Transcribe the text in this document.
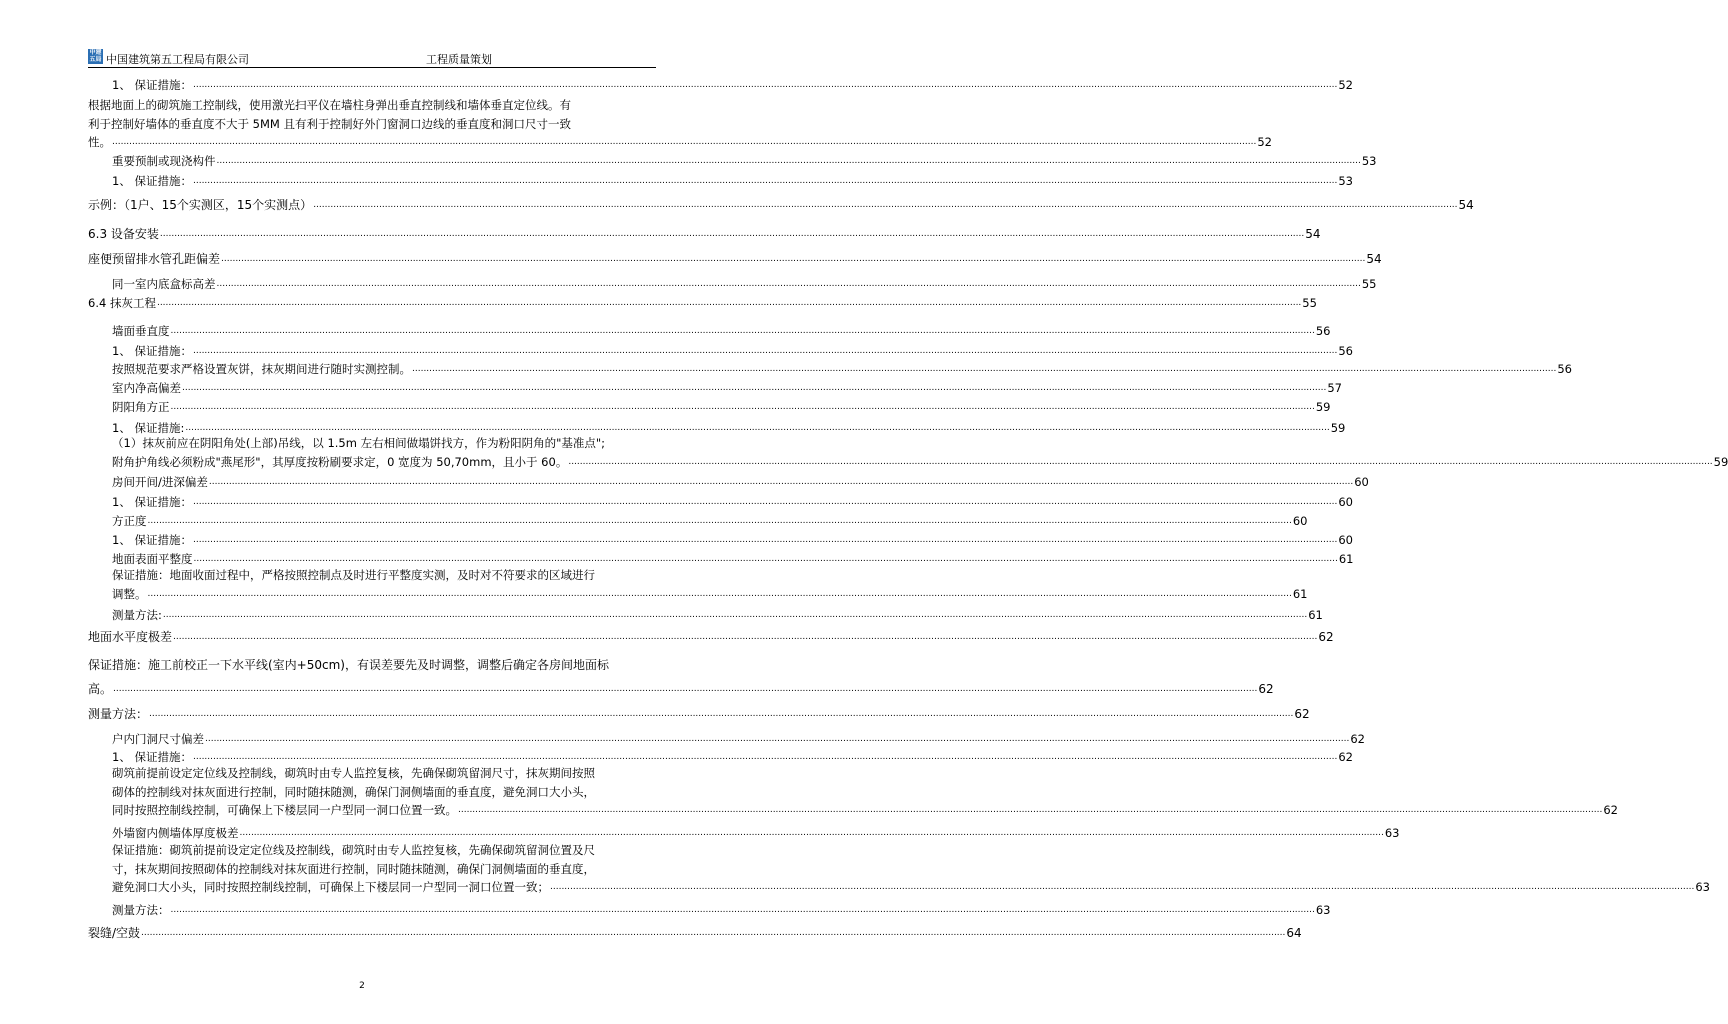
中建
五局 中国建筑第五工程局有限公司	工程质量策划
1、 保证措施： ................................................................................................................................................................................................................................................................................................................................................................................................................ 52
根据地面上的砌筑施工控制线，使用激光扫平仪在墙柱身弹出垂直控制线和墙体垂直定位线。有
利于控制好墙体的垂直度不大于 5MM 且有利于控制好外门窗洞口边线的垂直度和洞口尺寸一致
性。 ................................................................................................................................................................................................................................................................................................................................................................................................................ 52
重要预制或现浇构件 ................................................................................................................................................................................................................................................................................................................................................................................................................ 53
1、 保证措施： ................................................................................................................................................................................................................................................................................................................................................................................................................ 53
示例：（1户、15个实测区，15个实测点） ................................................................................................................................................................................................................................................................................................................................................................................................................ 54
6.3 设备安装 ................................................................................................................................................................................................................................................................................................................................................................................................................ 54
座便预留排水管孔距偏差 ................................................................................................................................................................................................................................................................................................................................................................................................................ 54
同一室内底盒标高差 ................................................................................................................................................................................................................................................................................................................................................................................................................ 55
6.4 抹灰工程 ................................................................................................................................................................................................................................................................................................................................................................................................................ 55
墙面垂直度 ................................................................................................................................................................................................................................................................................................................................................................................................................ 56
1、 保证措施： ................................................................................................................................................................................................................................................................................................................................................................................................................ 56
按照规范要求严格设置灰饼，抹灰期间进行随时实测控制。 ................................................................................................................................................................................................................................................................................................................................................................................................................ 56
室内净高偏差 ................................................................................................................................................................................................................................................................................................................................................................................................................ 57
阴阳角方正 ................................................................................................................................................................................................................................................................................................................................................................................................................ 59
1、 保证措施: ................................................................................................................................................................................................................................................................................................................................................................................................................ 59
（1）抹灰前应在阴阳角处(上部)吊线，以 1.5m 左右相间做塌饼找方，作为粉阳阴角的"基准点";
附角护角线必须粉成"燕尾形"，其厚度按粉刷要求定，0 宽度为 50,70mm，且小于 60。 ................................................................................................................................................................................................................................................................................................................................................................................................................ 59
房间开间/进深偏差 ................................................................................................................................................................................................................................................................................................................................................................................................................ 60
1、 保证措施： ................................................................................................................................................................................................................................................................................................................................................................................................................ 60
方正度 ................................................................................................................................................................................................................................................................................................................................................................................................................ 60
1、 保证措施： ................................................................................................................................................................................................................................................................................................................................................................................................................ 60
地面表面平整度 ................................................................................................................................................................................................................................................................................................................................................................................................................ 61
保证措施：地面收面过程中，严格按照控制点及时进行平整度实测，及时对不符要求的区域进行
调整。 ................................................................................................................................................................................................................................................................................................................................................................................................................ 61
测量方法: ................................................................................................................................................................................................................................................................................................................................................................................................................ 61
地面水平度极差 ................................................................................................................................................................................................................................................................................................................................................................................................................ 62
保证措施：施工前校正一下水平线(室内+50cm)，有误差要先及时调整，调整后确定各房间地面标
高。 ................................................................................................................................................................................................................................................................................................................................................................................................................ 62
测量方法： ................................................................................................................................................................................................................................................................................................................................................................................................................ 62
户内门洞尺寸偏差 ................................................................................................................................................................................................................................................................................................................................................................................................................ 62
1、 保证措施： ................................................................................................................................................................................................................................................................................................................................................................................................................ 62
砌筑前提前设定定位线及控制线，砌筑时由专人监控复核，先确保砌筑留洞尺寸，抹灰期间按照
砌体的控制线对抹灰面进行控制，同时随抹随测，确保门洞侧墙面的垂直度，避免洞口大小头，
同时按照控制线控制，可确保上下楼层同一户型同一洞口位置一致。 ................................................................................................................................................................................................................................................................................................................................................................................................................ 62
外墙窗内侧墙体厚度极差 ................................................................................................................................................................................................................................................................................................................................................................................................................ 63
保证措施：砌筑前提前设定定位线及控制线，砌筑时由专人监控复核，先确保砌筑留洞位置及尺
寸，抹灰期间按照砌体的控制线对抹灰面进行控制，同时随抹随测，确保门洞侧墙面的垂直度，
避免洞口大小头，同时按照控制线控制，可确保上下楼层同一户型同一洞口位置一致； ................................................................................................................................................................................................................................................................................................................................................................................................................ 63
测量方法： ................................................................................................................................................................................................................................................................................................................................................................................................................ 63
裂缝/空鼓 ................................................................................................................................................................................................................................................................................................................................................................................................................ 64
2
